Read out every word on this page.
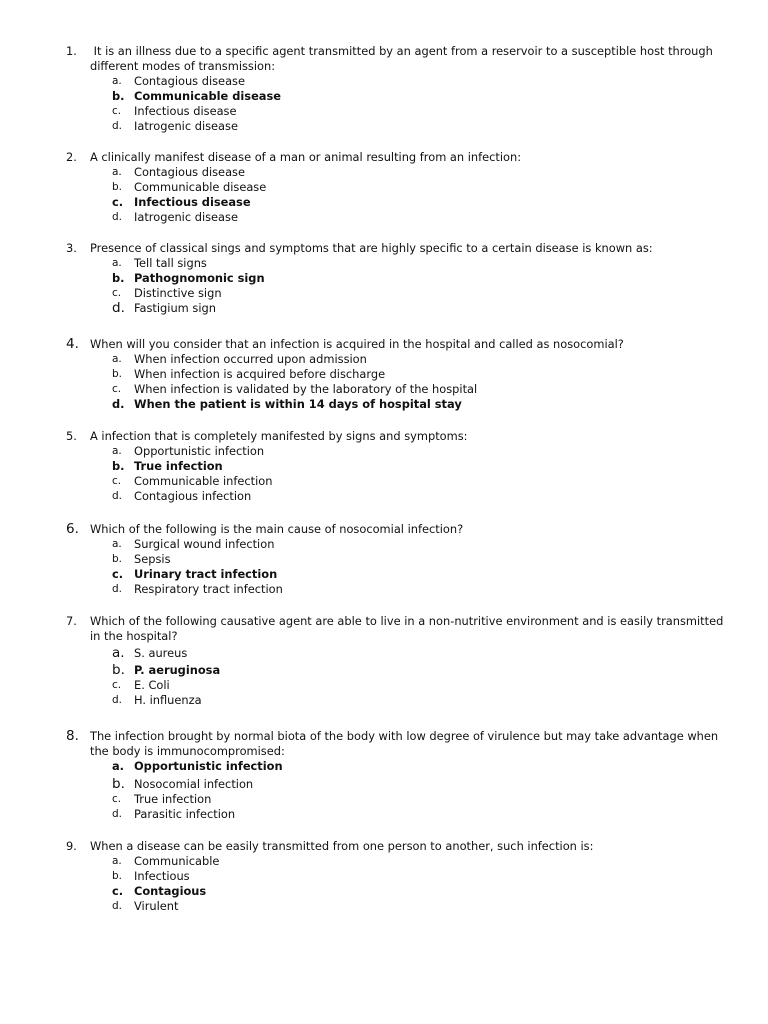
1.	It is an illness due to a specific agent transmitted by an agent from a reservoir to a susceptible host through different modes of transmission:
a.	Contagious disease
b. Communicable disease
c.	Infectious disease
d.	Iatrogenic disease
2.	A clinically manifest disease of a man or animal resulting from an infection:
a.	Contagious disease
b.	Communicable disease
c. Infectious disease
d.	Iatrogenic disease
3.	Presence of classical sings and symptoms that are highly specific to a certain disease is known as:
a.	Tell tall signs
b. Pathognomonic sign
c.	Distinctive sign
d. Fastigium sign
4. When will you consider that an infection is acquired in the hospital and called as nosocomial?
a.	When infection occurred upon admission
b.	When infection is acquired before discharge
c.	When infection is validated by the laboratory of the hospital
d. When the patient is within 14 days of hospital stay
5.	A infection that is completely manifested by signs and symptoms:
a.	Opportunistic infection
b. True infection
c.	Communicable infection
d.	Contagious infection
6. Which of the following is the main cause of nosocomial infection?
a.	Surgical wound infection
b.	Sepsis
c. Urinary tract infection
d.	Respiratory tract infection
7.	Which of the following causative agent are able to live in a non-nutritive environment and is easily transmitted in the hospital?
a. S. aureus
b. P. aeruginosa
c.	E. Coli
d.	H. influenza
8. The infection brought by normal biota of the body with low degree of virulence but may take advantage when the body is immunocompromised:
a. Opportunistic infection
b. Nosocomial infection
c.	True infection
d.	Parasitic infection
9.	When a disease can be easily transmitted from one person to another, such infection is:
a.	Communicable
b.	Infectious
c. Contagious
d.	Virulent
